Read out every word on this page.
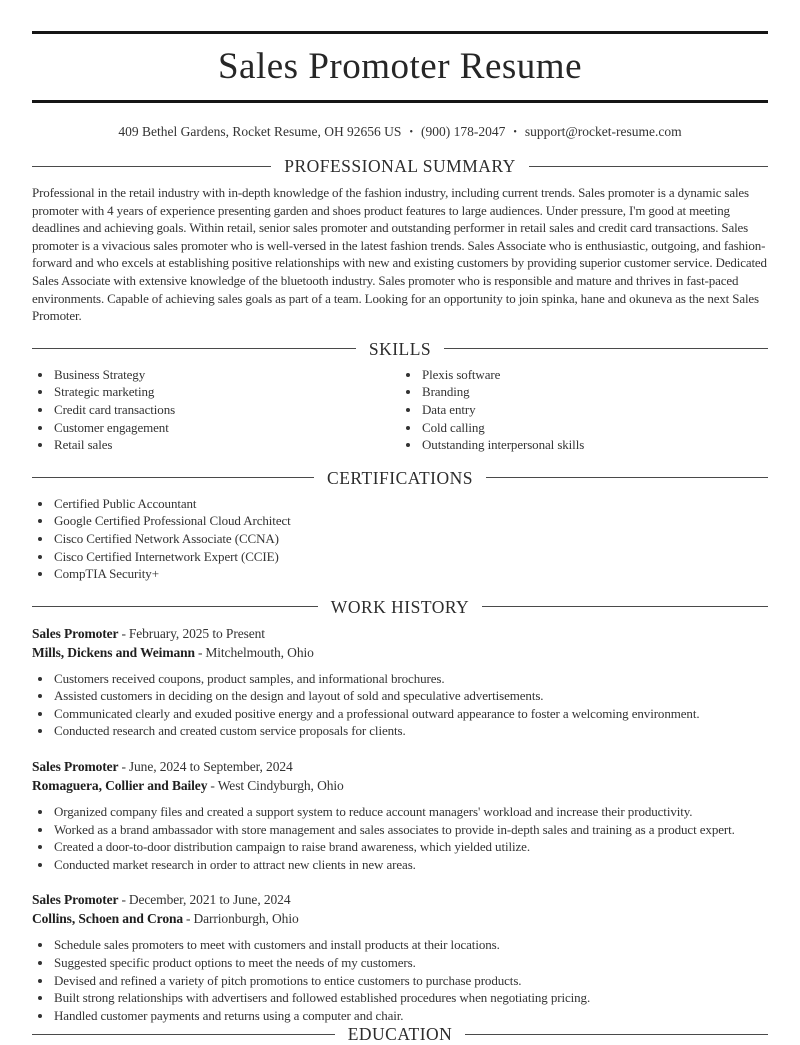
Sales Promoter Resume
409 Bethel Gardens, Rocket Resume, OH 92656 US • (900) 178-2047 • support@rocket-resume.com
PROFESSIONAL SUMMARY

Professional in the retail industry with in-depth knowledge of the fashion industry, including current trends. Sales promoter is a dynamic sales promoter with 4 years of experience presenting garden and shoes product features to large audiences. Under pressure, I'm good at meeting deadlines and achieving goals. Within retail, senior sales promoter and outstanding performer in retail sales and credit card transactions. Sales promoter is a vivacious sales promoter who is well-versed in the latest fashion trends. Sales Associate who is enthusiastic, outgoing, and fashion-forward and who excels at establishing positive relationships with new and existing customers by providing superior customer service. Dedicated Sales Associate with extensive knowledge of the bluetooth industry. Sales promoter who is responsible and mature and thrives in fast-paced environments. Capable of achieving sales goals as part of a team. Looking for an opportunity to join spinka, hane and okuneva as the next Sales Promoter.

SKILLS
• Business Strategy
• Strategic marketing
• Credit card transactions
• Customer engagement
• Retail sales
• Plexis software
• Branding
• Data entry
• Cold calling
• Outstanding interpersonal skills
CERTIFICATIONS
• Certified Public Accountant
• Google Certified Professional Cloud Architect
• Cisco Certified Network Associate (CCNA)
• Cisco Certified Internetwork Expert (CCIE)
• CompTIA Security+
WORK HISTORY
Sales Promoter - February, 2025 to Present
Mills, Dickens and Weimann - Mitchelmouth, Ohio
• Customers received coupons, product samples, and informational brochures.
• Assisted customers in deciding on the design and layout of sold and speculative advertisements.
• Communicated clearly and exuded positive energy and a professional outward appearance to foster a welcoming environment.
• Conducted research and created custom service proposals for clients.
Sales Promoter - June, 2024 to September, 2024
Romaguera, Collier and Bailey - West Cindyburgh, Ohio
• Organized company files and created a support system to reduce account managers' workload and increase their productivity.
• Worked as a brand ambassador with store management and sales associates to provide in-depth sales and training as a product expert.
• Created a door-to-door distribution campaign to raise brand awareness, which yielded utilize.
• Conducted market research in order to attract new clients in new areas.
Sales Promoter - December, 2021 to June, 2024
Collins, Schoen and Crona - Darrionburgh, Ohio
• Schedule sales promoters to meet with customers and install products at their locations.
• Suggested specific product options to meet the needs of my customers.
• Devised and refined a variety of pitch promotions to entice customers to purchase products.
• Built strong relationships with advertisers and followed established procedures when negotiating pricing.
• Handled customer payments and returns using a computer and chair.
EDUCATION
